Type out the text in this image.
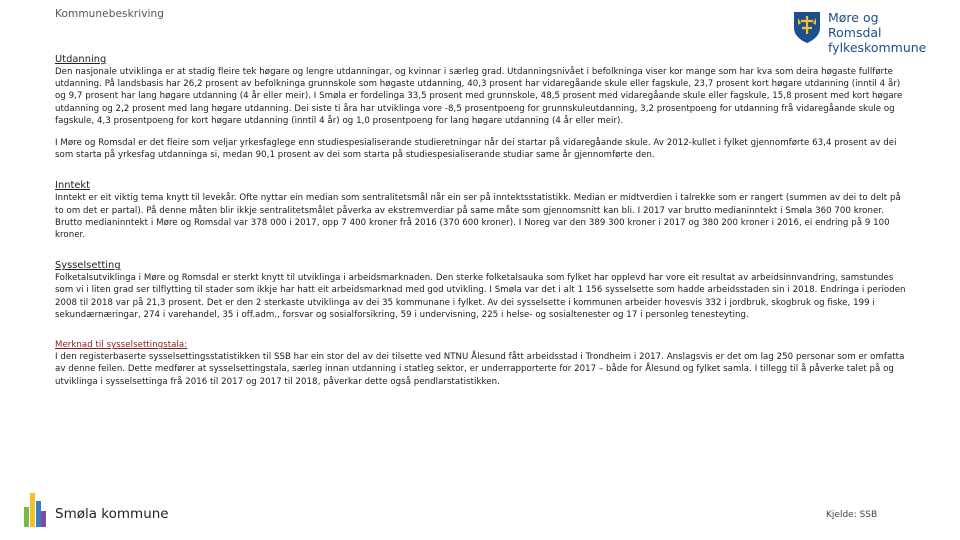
Kommunebeskriving	Møre og Romsdal
fylkeskommune

Utdanning

Den nasjonale utviklinga er at stadig fleire tek høgare og lengre utdanningar, og kvinnar i særleg grad. Utdanningsnivået i befolkninga viser kor mange som har kva som deira høgaste fullførte utdanning. På landsbasis har 26,2 prosent av befolkninga grunnskole som høgaste utdanning, 40,3 prosent har vidaregåande skule eller fagskule, 23,7 prosent kort høgare utdanning (inntil 4 år) og 9,7 prosent har lang høgare utdanning (4 år eller meir). I Smøla er fordelinga 33,5 prosent med grunnskole, 48,5 prosent med vidaregåande skule eller fagskule, 15,8 prosent med kort høgare utdanning og 2,2 prosent med lang høgare utdanning. Dei siste ti åra har utviklinga vore -8,5 prosentpoeng for grunnskuleutdanning, 3,2 prosentpoeng for utdanning frå vidaregåande skule og fagskule, 4,3 prosentpoeng for kort høgare utdanning (inntil 4 år) og 1,0 prosentpoeng for lang høgare utdanning (4 år eller meir).

I Møre og Romsdal er det fleire som veljar yrkesfaglege enn studiespesialiserande studieretningar når dei startar på vidaregåande skule. Av 2012-kullet i fylket gjennomførte 63,4 prosent av dei som starta på yrkesfag utdanninga si, medan 90,1 prosent av dei som starta på studiespesialiserande studiar same år gjennomførte den.

Inntekt

Inntekt er eit viktig tema knytt til levekår. Ofte nyttar ein median som sentralitetsmål når ein ser på inntektsstatistikk. Median er midtverdien i talrekke som er rangert (summen av dei to delt på to om det er partal). På denne måten blir ikkje sentralitetsmålet påverka av ekstremverdiar på same måte som gjennomsnitt kan bli. I 2017 var brutto medianinntekt i Smøla 360 700 kroner. Brutto medianinntekt i Møre og Romsdal var 378 000 i 2017, opp 7 400 kroner frå 2016 (370 600 kroner). I Noreg var den 389 300 kroner i 2017 og 380 200 kroner i 2016, ei endring på 9 100 kroner.

Sysselsetting

Folketalsutviklinga i Møre og Romsdal er sterkt knytt til utviklinga i arbeidsmarknaden. Den sterke folketalsauka som fylket har opplevd har vore eit resultat av arbeidsinnvandring, samstundes som vi i liten grad ser tilflytting til stader som ikkje har hatt eit arbeidsmarknad med god utvikling. I Smøla var det i alt 1 156 sysselsette som hadde arbeidsstaden sin i 2018. Endringa i perioden 2008 til 2018 var på 21,3 prosent. Det er den 2 sterkaste utviklinga av dei 35 kommunane i fylket. Av dei sysselsette i kommunen arbeider hovesvis 332 i jordbruk, skogbruk og fiske, 199 i sekundærnæringar, 274 i varehandel, 35 i off.adm., forsvar og sosialforsikring, 59 i undervisning, 225 i helse- og sosialtenester og 17 i personleg tenesteyting.

Merknad til sysselsettingstala:

I den registerbaserte sysselsettingsstatistikken til SSB har ein stor del av dei tilsette ved NTNU Ålesund fått arbeidsstad i Trondheim i 2017. Anslagsvis er det om lag 250 personar som er omfatta av denne feilen. Dette medfører at sysselsettingstala, særleg innan utdanning i statleg sektor, er underrapporterte for 2017 – både for Ålesund og fylket samla. I tillegg til å påverke talet på og utviklinga i sysselsettinga frå 2016 til 2017 og 2017 til 2018, påverkar dette også pendlarstatistikken.

Smøla kommune	Kjelde: SSB
